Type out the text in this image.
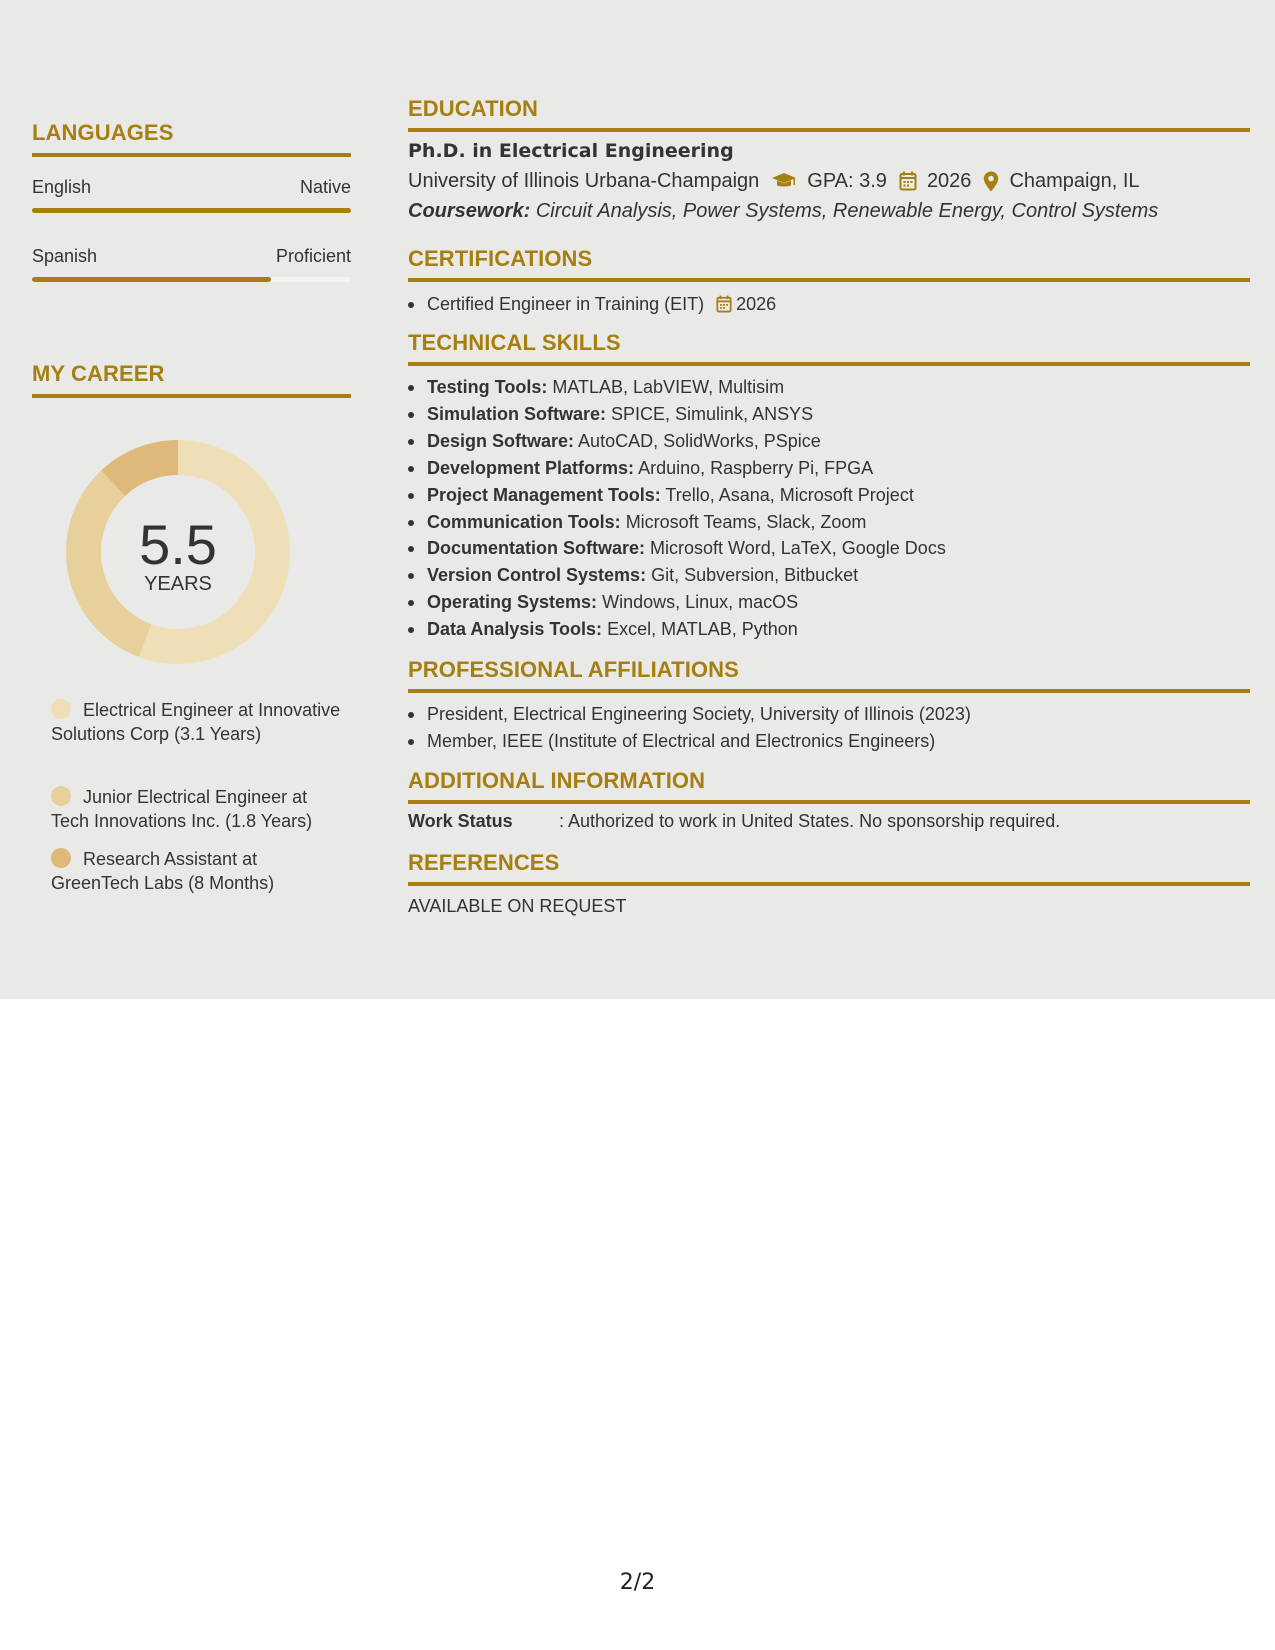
LANGUAGES
English	Native
Spanish	Proficient
MY CAREER
5.5
YEARS
Electrical Engineer at Innovative Solutions Corp (3.1 Years)
Junior Electrical Engineer at Tech Innovations Inc. (1.8 Years)
Research Assistant at GreenTech Labs (8 Months)
EDUCATION
Ph.D. in Electrical Engineering
University of Illinois Urbana-Champaign GPA: 3.9 2026 Champaign, IL
Coursework: Circuit Analysis, Power Systems, Renewable Energy, Control Systems
CERTIFICATIONS
Certified Engineer in Training (EIT) 2026
TECHNICAL SKILLS
Testing Tools: MATLAB, LabVIEW, Multisim
Simulation Software: SPICE, Simulink, ANSYS
Design Software: AutoCAD, SolidWorks, PSpice
Development Platforms: Arduino, Raspberry Pi, FPGA
Project Management Tools: Trello, Asana, Microsoft Project
Communication Tools: Microsoft Teams, Slack, Zoom
Documentation Software: Microsoft Word, LaTeX, Google Docs
Version Control Systems: Git, Subversion, Bitbucket
Operating Systems: Windows, Linux, macOS
Data Analysis Tools: Excel, MATLAB, Python
PROFESSIONAL AFFILIATIONS
President, Electrical Engineering Society, University of Illinois (2023)
Member, IEEE (Institute of Electrical and Electronics Engineers)
ADDITIONAL INFORMATION
Work Status	: Authorized to work in United States. No sponsorship required.
REFERENCES
AVAILABLE ON REQUEST
2/2
